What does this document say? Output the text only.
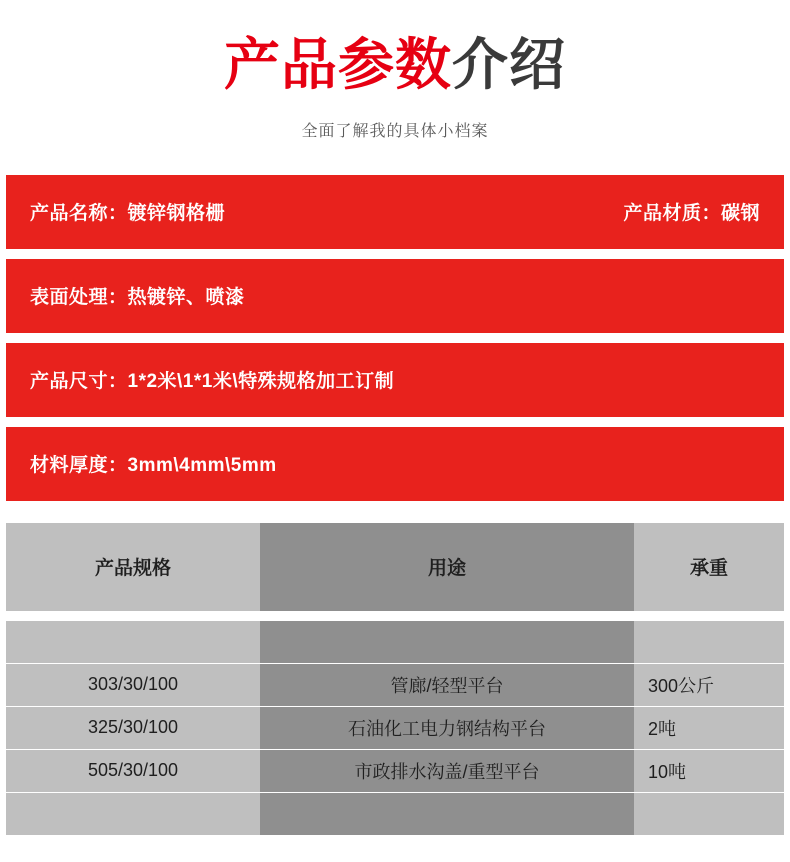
产品参数介绍
全面了解我的具体小档案
产品名称：镀锌钢格栅	产品材质：碳钢
表面处理：热镀锌、喷漆
产品尺寸：1*2米\1*1米\特殊规格加工订制
材料厚度：3mm\4mm\5mm
产品规格	用途	承重
303/30/100	管廊/轻型平台	300公斤
325/30/100	石油化工电力钢结构平台	2吨
505/30/100	市政排水沟盖/重型平台	10吨
